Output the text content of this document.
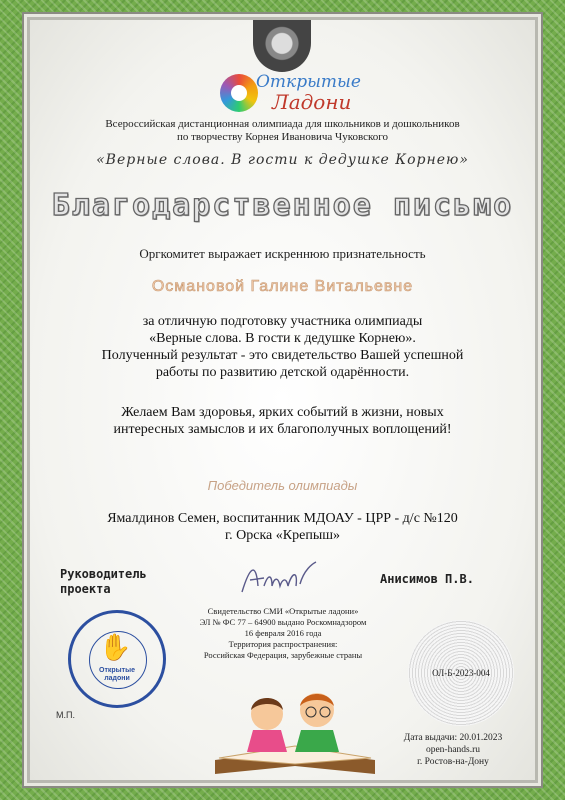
Открытые
Ладони
Всероссийская дистанционная олимпиада для школьников и дошкольников
по творчеству Корнея Ивановича Чуковского
«Верные слова. В гости к дедушке Корнею»
Благодарственное письмо
Оргкомитет выражает искреннюю признательность
Османовой Галине Витальевне
за отличную подготовку участника олимпиады
«Верные слова. В гости к дедушке Корнею».
Полученный результат - это свидетельство Вашей успешной
работы по развитию детской одарённости.
Желаем Вам здоровья, ярких событий в жизни, новых
интересных замыслов и их благополучных воплощений!
Победитель олимпиады
Ямалдинов Семен, воспитанник МДОАУ - ЦРР - д/с №120
г. Орска «Крепыш»
Руководитель
проекта
Анисимов П.В.
Свидетельство СМИ «Открытые ладони»
ЭЛ № ФС 77 – 64900 выдано Роскомнадзором
16 февраля 2016 года
Территория распространения:
Российская Федерация, зарубежные страны
✋
Открытые
ладони
М.П.
ОЛ-Б-2023-004
Дата выдачи: 20.01.2023
open-hands.ru
г. Ростов-на-Дону
